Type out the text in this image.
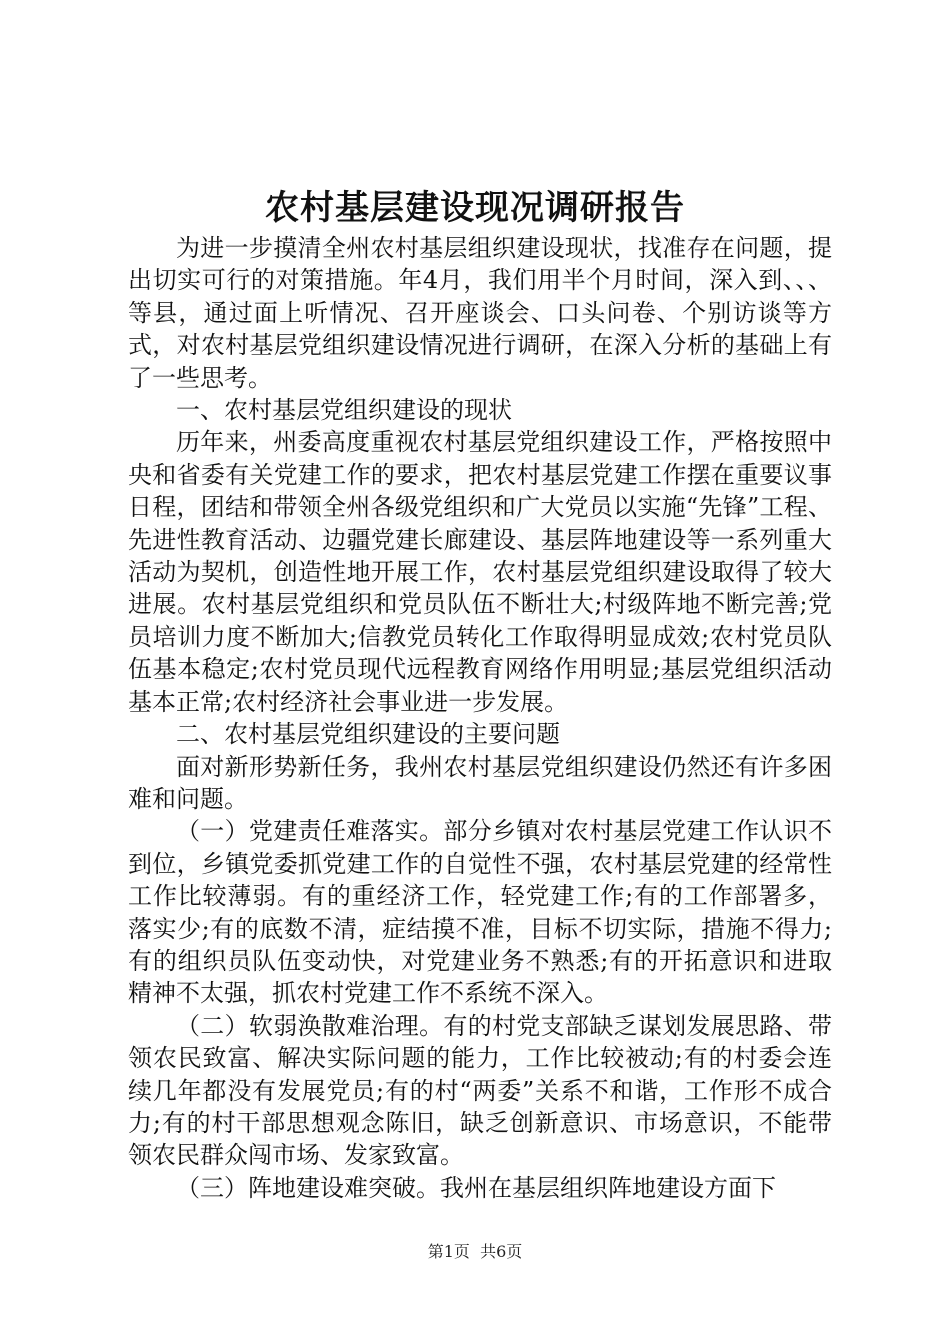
农村基层建设现况调研报告

为进一步摸清全州农村基层组织建设现状，找准存在问题，提出切实可行的对策措施。年4月，我们用半个月时间，深入到、、、等县，通过面上听情况、召开座谈会、口头问卷、个别访谈等方式，对农村基层党组织建设情况进行调研，在深入分析的基础上有了一些思考。

一、农村基层党组织建设的现状

历年来，州委高度重视农村基层党组织建设工作，严格按照中央和省委有关党建工作的要求，把农村基层党建工作摆在重要议事日程，团结和带领全州各级党组织和广大党员以实施“先锋”工程、先进性教育活动、边疆党建长廊建设、基层阵地建设等一系列重大活动为契机，创造性地开展工作，农村基层党组织建设取得了较大进展。农村基层党组织和党员队伍不断壮大;村级阵地不断完善;党员培训力度不断加大;信教党员转化工作取得明显成效;农村党员队伍基本稳定;农村党员现代远程教育网络作用明显;基层党组织活动基本正常;农村经济社会事业进一步发展。

二、农村基层党组织建设的主要问题

面对新形势新任务，我州农村基层党组织建设仍然还有许多困难和问题。

（一）党建责任难落实。部分乡镇对农村基层党建工作认识不到位，乡镇党委抓党建工作的自觉性不强，农村基层党建的经常性工作比较薄弱。有的重经济工作，轻党建工作;有的工作部署多，落实少;有的底数不清，症结摸不准，目标不切实际，措施不得力;有的组织员队伍变动快，对党建业务不熟悉;有的开拓意识和进取精神不太强，抓农村党建工作不系统不深入。

（二）软弱涣散难治理。有的村党支部缺乏谋划发展思路、带领农民致富、解决实际问题的能力，工作比较被动;有的村委会连续几年都没有发展党员;有的村“两委”关系不和谐，工作形不成合力;有的村干部思想观念陈旧，缺乏创新意识、市场意识，不能带领农民群众闯市场、发家致富。

（三）阵地建设难突破。我州在基层组织阵地建设方面下

第1页 共6页
